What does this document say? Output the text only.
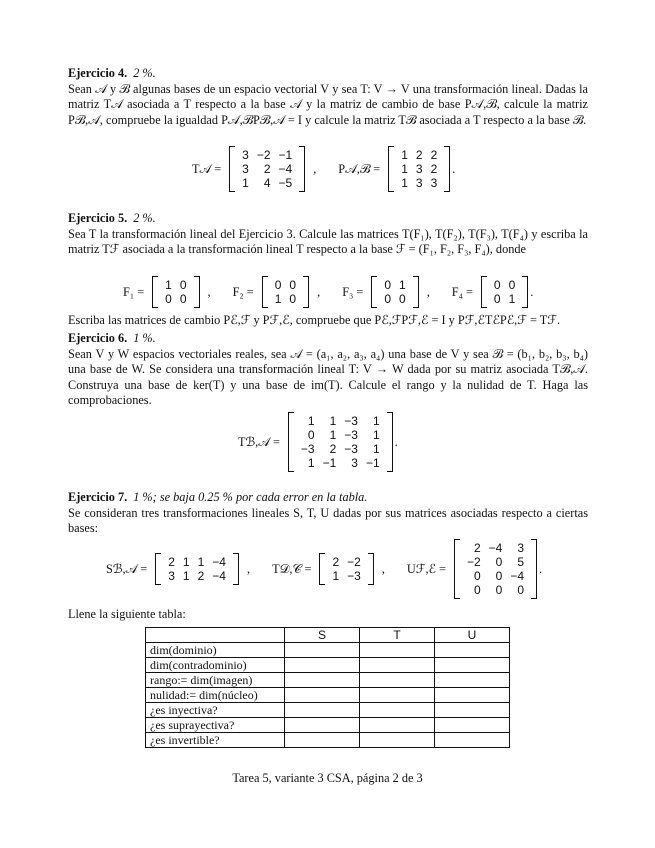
Ejercicio 4. 2 %.

Sean 𝒜 y ℬ algunas bases de un espacio vectorial V y sea T: V → V una transformación lineal. Dadas la matriz T𝒜 asociada a T respecto a la base 𝒜 y la matriz de cambio de base P𝒜,ℬ, calcule la matriz Pℬ,𝒜, compruebe la igualdad P𝒜,ℬPℬ,𝒜 = I y calcule la matriz Tℬ asociada a T respecto a la base ℬ.

T𝒜 =
3	−2	−1
3	2	−4
1	4	−5
, P𝒜,ℬ =
1	2	2
1	3	2
1	3	3
.

Ejercicio 5. 2 %.

Sea T la transformación lineal del Ejercicio 3. Calcule las matrices T(F₁), T(F₂), T(F₃), T(F₄) y escriba la matriz Tℱ asociada a la transformación lineal T respecto a la base ℱ = (F₁, F₂, F₃, F₄), donde

F₁ = 1	0
0	0
, F₂ = 0	0
1	0
, F₃ = 0	1
0	0
, F₄ = 0	0
0	1
.

Escriba las matrices de cambio Pℰ,ℱ y Pℱ,ℰ, compruebe que Pℰ,ℱPℱ,ℰ = I y Pℱ,ℰTℰPℰ,ℱ = Tℱ.

Ejercicio 6. 1 %.

Sean V y W espacios vectoriales reales, sea 𝒜 = (a₁, a₂, a₃, a₄) una base de V y sea ℬ = (b₁, b₂, b₃, b₄) una base de W. Se considera una transformación lineal T: V → W dada por su matriz asociada Tℬ,𝒜. Construya una base de ker(T) y una base de im(T). Calcule el rango y la nulidad de T. Haga las comprobaciones.

Tℬ,𝒜 =
1	1	−3	1
0	1	−3	1
−3	2	−3	1
1	−1	3	−1
.

Ejercicio 7. 1 %; se baja 0.25 % por cada error en la tabla.

Se consideran tres transformaciones lineales S, T, U dadas por sus matrices asociadas respecto a ciertas bases:

Sℬ,𝒜 = 2	1	1	−4
3	1	2	−4
, T𝒟,𝒞 = 2	−2
1	−3
, Uℱ,ℰ =
2	−4	3
−2	0	5
0	0	−4
0	0	0
.

Llene la siguiente tabla:

	S	T	U
dim(dominio)			
dim(contradominio)			
rango:= dim(imagen)			
nulidad:= dim(núcleo)			
¿es inyectiva?			
¿es suprayectiva?			
¿es invertible?			
Tarea 5, variante 3 CSA, página 2 de 3
